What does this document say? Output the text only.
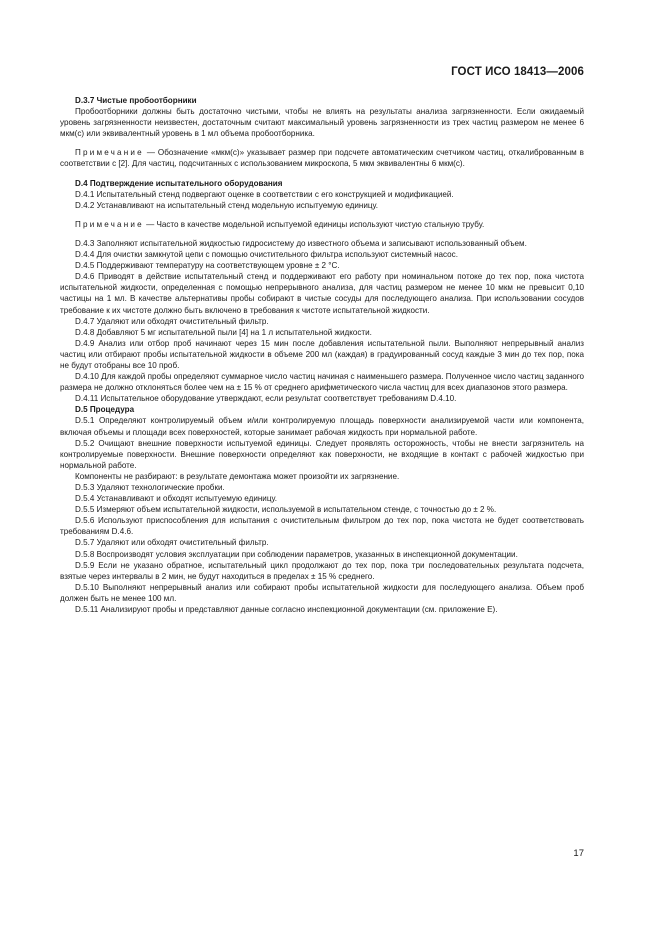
ГОСТ ИСО 18413—2006

D.3.7 Чистые пробоотборники

Пробоотборники должны быть достаточно чистыми, чтобы не влиять на результаты анализа загрязненности. Если ожидаемый уровень загрязненности неизвестен, достаточным считают максимальный уровень загрязненности из трех частиц размером не менее 6 мкм(с) или эквивалентный уровень в 1 мл объема пробоотборника.

Примечание — Обозначение «мкм(с)» указывает размер при подсчете автоматическим счетчиком частиц, откалиброванным в соответствии с [2]. Для частиц, подсчитанных с использованием микроскопа, 5 мкм эквивалентны 6 мкм(с).

D.4 Подтверждение испытательного оборудования

D.4.1 Испытательный стенд подвергают оценке в соответствии с его конструкцией и модификацией.

D.4.2 Устанавливают на испытательный стенд модельную испытуемую единицу.

Примечание — Часто в качестве модельной испытуемой единицы используют чистую стальную трубу.

D.4.3 Заполняют испытательной жидкостью гидросистему до известного объема и записывают использованный объем.

D.4.4 Для очистки замкнутой цепи с помощью очистительного фильтра используют системный насос.

D.4.5 Поддерживают температуру на соответствующем уровне ± 2 °C.

D.4.6 Приводят в действие испытательный стенд и поддерживают его работу при номинальном потоке до тех пор, пока чистота испытательной жидкости, определенная с помощью непрерывного анализа, для частиц размером не менее 10 мкм не превысит 0,10 частицы на 1 мл. В качестве альтернативы пробы собирают в чистые сосуды для последующего анализа. При использовании сосудов требование к их чистоте должно быть включено в требования к чистоте испытательной жидкости.

D.4.7 Удаляют или обходят очистительный фильтр.

D.4.8 Добавляют 5 мг испытательной пыли [4] на 1 л испытательной жидкости.

D.4.9 Анализ или отбор проб начинают через 15 мин после добавления испытательной пыли. Выполняют непрерывный анализ частиц или отбирают пробы испытательной жидкости в объеме 200 мл (каждая) в градуированный сосуд каждые 3 мин до тех пор, пока не будут отобраны все 10 проб.

D.4.10 Для каждой пробы определяют суммарное число частиц начиная с наименьшего размера. Полученное число частиц заданного размера не должно отклоняться более чем на ± 15 % от среднего арифметического числа частиц для всех диапазонов этого размера.

D.4.11 Испытательное оборудование утверждают, если результат соответствует требованиям D.4.10.

D.5 Процедура

D.5.1 Определяют контролируемый объем и/или контролируемую площадь поверхности анализируемой части или компонента, включая объемы и площади всех поверхностей, которые занимает рабочая жидкость при нормальной работе.

D.5.2 Очищают внешние поверхности испытуемой единицы. Следует проявлять осторожность, чтобы не внести загрязнитель на контролируемые поверхности. Внешние поверхности определяют как поверхности, не входящие в контакт с рабочей жидкостью при нормальной работе.

Компоненты не разбирают: в результате демонтажа может произойти их загрязнение.

D.5.3 Удаляют технологические пробки.

D.5.4 Устанавливают и обходят испытуемую единицу.

D.5.5 Измеряют объем испытательной жидкости, используемой в испытательном стенде, с точностью до ± 2 %.

D.5.6 Используют приспособления для испытания с очистительным фильтром до тех пор, пока чистота не будет соответствовать требованиям D.4.6.

D.5.7 Удаляют или обходят очистительный фильтр.

D.5.8 Воспроизводят условия эксплуатации при соблюдении параметров, указанных в инспекционной документации.

D.5.9 Если не указано обратное, испытательный цикл продолжают до тех пор, пока три последовательных результата подсчета, взятые через интервалы в 2 мин, не будут находиться в пределах ± 15 % среднего.

D.5.10 Выполняют непрерывный анализ или собирают пробы испытательной жидкости для последующего анализа. Объем проб должен быть не менее 100 мл.

D.5.11 Анализируют пробы и представляют данные согласно инспекционной документации (см. приложение E).

17
